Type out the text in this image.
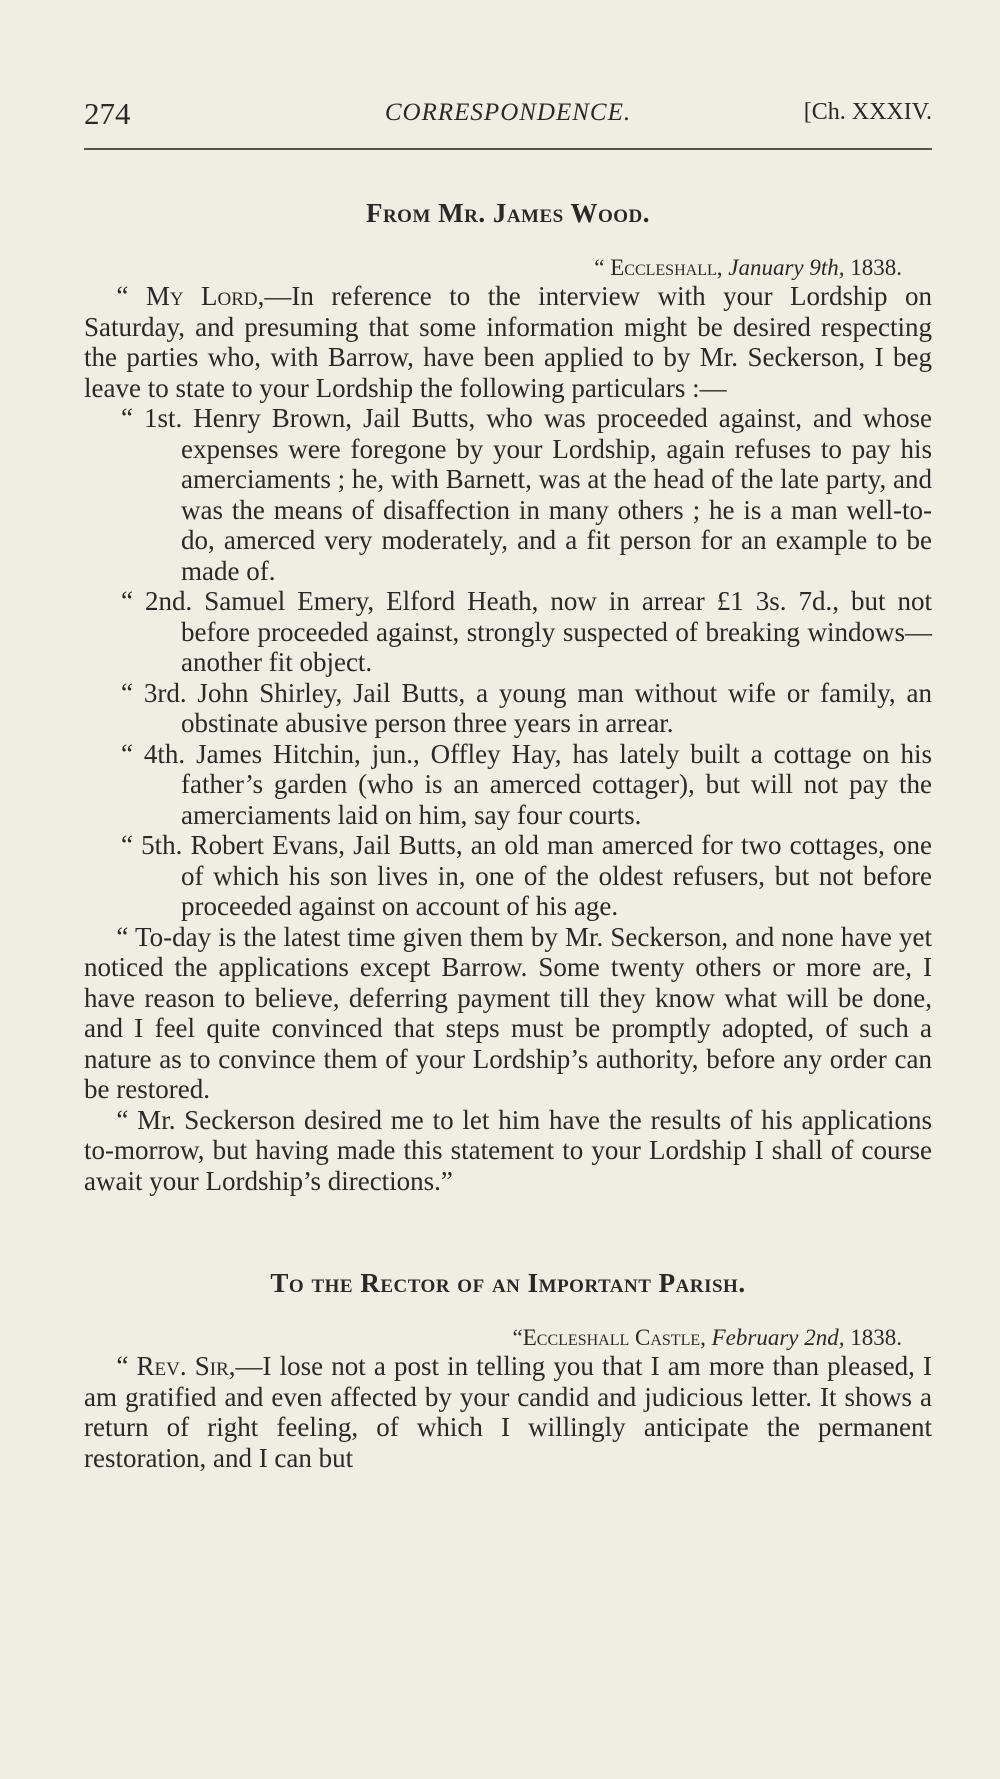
274	CORRESPONDENCE.	[Ch. XXXIV.
From Mr. James Wood.
“ Eccleshall, January 9th, 1838.

“ My Lord,—In reference to the interview with your Lordship on Saturday, and presuming that some information might be desired respecting the parties who, with Barrow, have been applied to by Mr. Seckerson, I beg leave to state to your Lordship the following particulars :—

“ 1st. Henry Brown, Jail Butts, who was proceeded against, and whose expenses were foregone by your Lordship, again refuses to pay his amerciaments ; he, with Barnett, was at the head of the late party, and was the means of disaffection in many others ; he is a man well-to-do, amerced very moderately, and a fit person for an example to be made of.

“ 2nd. Samuel Emery, Elford Heath, now in arrear £1 3s. 7d., but not before proceeded against, strongly suspected of breaking windows—another fit object.

“ 3rd. John Shirley, Jail Butts, a young man without wife or family, an obstinate abusive person three years in arrear.

“ 4th. James Hitchin, jun., Offley Hay, has lately built a cottage on his father’s garden (who is an amerced cottager), but will not pay the amerciaments laid on him, say four courts.

“ 5th. Robert Evans, Jail Butts, an old man amerced for two cottages, one of which his son lives in, one of the oldest refusers, but not before proceeded against on account of his age.

“ To-day is the latest time given them by Mr. Seckerson, and none have yet noticed the applications except Barrow. Some twenty others or more are, I have reason to believe, deferring payment till they know what will be done, and I feel quite convinced that steps must be promptly adopted, of such a nature as to convince them of your Lordship’s authority, before any order can be restored.

“ Mr. Seckerson desired me to let him have the results of his applications to-morrow, but having made this statement to your Lordship I shall of course await your Lordship’s directions.”

To the Rector of an Important Parish.
“Eccleshall Castle, February 2nd, 1838.

“ Rev. Sir,—I lose not a post in telling you that I am more than pleased, I am gratified and even affected by your candid and judicious letter. It shows a return of right feeling, of which I willingly anticipate the permanent restoration, and I can but
